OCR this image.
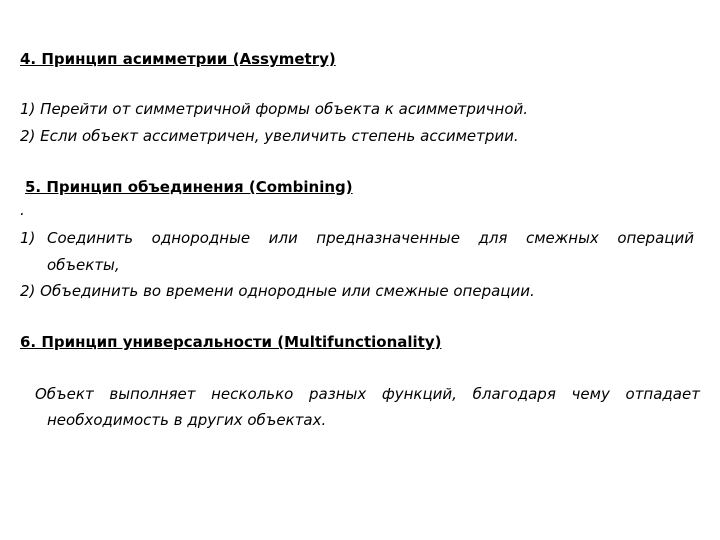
4. Принцип асимметрии (Assymetry)

1) Перейти от симметричной формы объекта к асимметричной.

2) Если объект ассиметричен, увеличить степень ассиметрии.

5. Принцип объединения (Combining)

.

1) Соединить однородные или предназначенные для смежных операций

объекты,

2) Объединить во времени однородные или смежные операции.

6. Принцип универсальности (Multifunctionality)
Объект выполняет несколько разных функций, благодаря чему отпадает

необходимость в других объектах.
